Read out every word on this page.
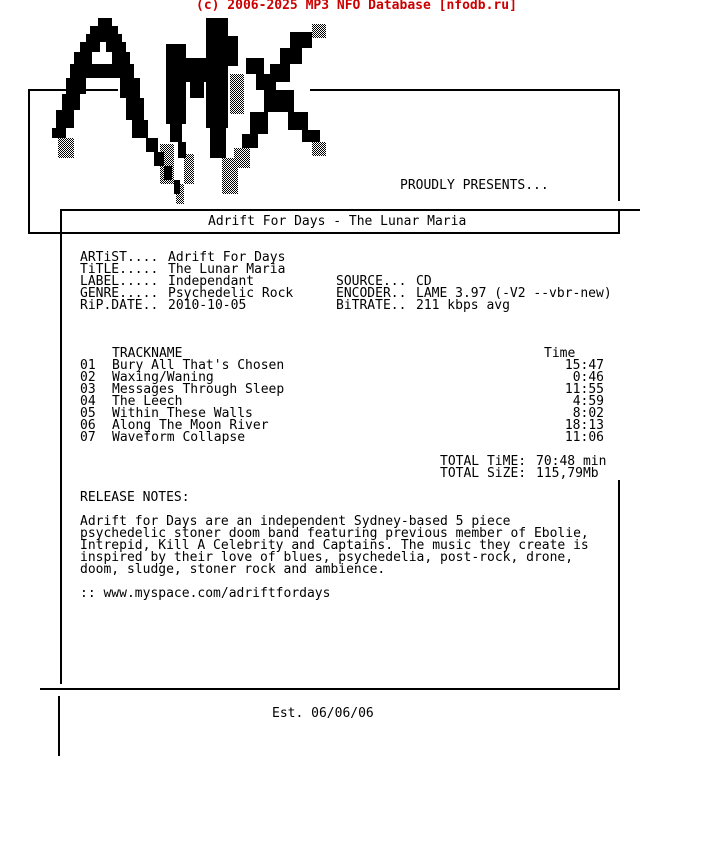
(c) 2006-2025 MP3 NFO Database [nfodb.ru]
PROUDLY PRESENTS...
Adrift For Days - The Lunar Maria
ARTiST.... Adrift For Days
TiTLE..... The Lunar Maria
LABEL..... Independant
GENRE..... Psychedelic Rock
RiP.DATE.. 2010-10-05
SOURCE... CD
ENCODER.. LAME 3.97 (-V2 --vbr-new)
BiTRATE.. 211 kbps avg
TRACKNAME	Time
01 Bury All That's Chosen	15:47
02 Waxing/Waning	0:46
03 Messages Through Sleep	11:55
04 The Leech	4:59
05 Within These Walls	8:02
06 Along The Moon River	18:13
07 Waveform Collapse	11:06
TOTAL TiME: 70:48 min
TOTAL SiZE: 115,79Mb
RELEASE NOTES:
Adrift for Days are an independent Sydney-based 5 piece
psychedelic stoner doom band featuring previous member of Ebolie,
Intrepid, Kill A Celebrity and Captains. The music they create is
inspired by their love of blues, psychedelia, post-rock, drone,
doom, sludge, stoner rock and ambience.
:: www.myspace.com/adriftfordays
Est. 06/06/06
